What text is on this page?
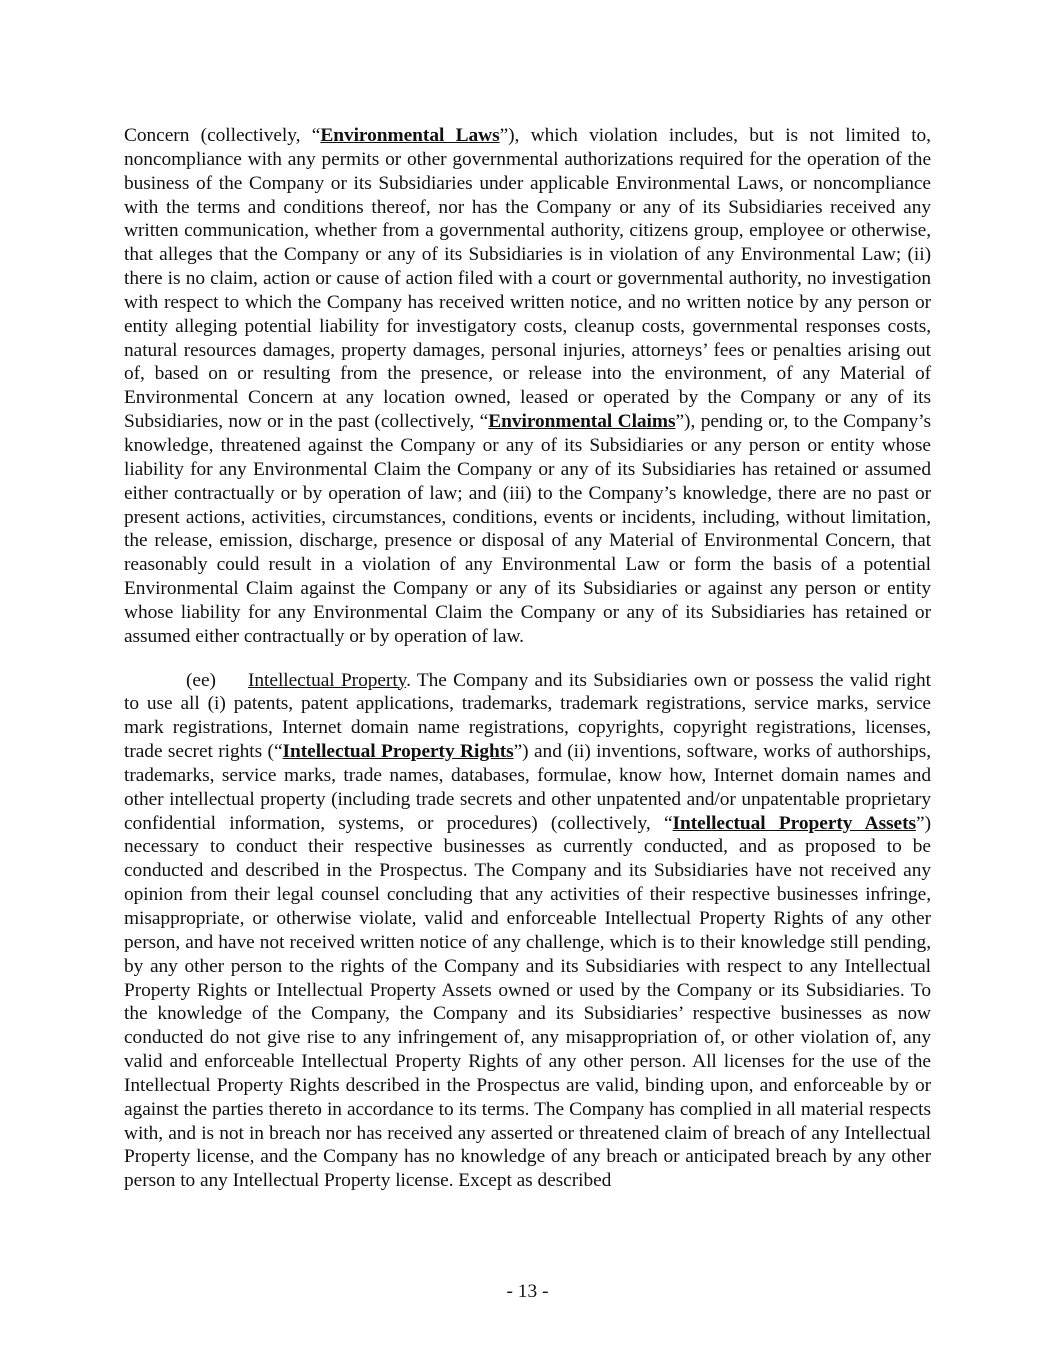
Concern (collectively, “Environmental Laws”), which violation includes, but is not limited to, noncompliance with any permits or other governmental authorizations required for the operation of the business of the Company or its Subsidiaries under applicable Environmental Laws, or noncompliance with the terms and conditions thereof, nor has the Company or any of its Subsidiaries received any written communication, whether from a governmental authority, citizens group, employee or otherwise, that alleges that the Company or any of its Subsidiaries is in violation of any Environmental Law; (ii) there is no claim, action or cause of action filed with a court or governmental authority, no investigation with respect to which the Company has received written notice, and no written notice by any person or entity alleging potential liability for investigatory costs, cleanup costs, governmental responses costs, natural resources damages, property damages, personal injuries, attorneys’ fees or penalties arising out of, based on or resulting from the presence, or release into the environment, of any Material of Environmental Concern at any location owned, leased or operated by the Company or any of its Subsidiaries, now or in the past (collectively, “Environmental Claims”), pending or, to the Company’s knowledge, threatened against the Company or any of its Subsidiaries or any person or entity whose liability for any Environmental Claim the Company or any of its Subsidiaries has retained or assumed either contractually or by operation of law; and (iii) to the Company’s knowledge, there are no past or present actions, activities, circumstances, conditions, events or incidents, including, without limitation, the release, emission, discharge, presence or disposal of any Material of Environmental Concern, that reasonably could result in a violation of any Environmental Law or form the basis of a potential Environmental Claim against the Company or any of its Subsidiaries or against any person or entity whose liability for any Environmental Claim the Company or any of its Subsidiaries has retained or assumed either contractually or by operation of law.

(ee) Intellectual Property. The Company and its Subsidiaries own or possess the valid right to use all (i) patents, patent applications, trademarks, trademark registrations, service marks, service mark registrations, Internet domain name registrations, copyrights, copyright registrations, licenses, trade secret rights (“Intellectual Property Rights”) and (ii) inventions, software, works of authorships, trademarks, service marks, trade names, databases, formulae, know how, Internet domain names and other intellectual property (including trade secrets and other unpatented and/or unpatentable proprietary confidential information, systems, or procedures) (collectively, “Intellectual Property Assets”) necessary to conduct their respective businesses as currently conducted, and as proposed to be conducted and described in the Prospectus. The Company and its Subsidiaries have not received any opinion from their legal counsel concluding that any activities of their respective businesses infringe, misappropriate, or otherwise violate, valid and enforceable Intellectual Property Rights of any other person, and have not received written notice of any challenge, which is to their knowledge still pending, by any other person to the rights of the Company and its Subsidiaries with respect to any Intellectual Property Rights or Intellectual Property Assets owned or used by the Company or its Subsidiaries. To the knowledge of the Company, the Company and its Subsidiaries’ respective businesses as now conducted do not give rise to any infringement of, any misappropriation of, or other violation of, any valid and enforceable Intellectual Property Rights of any other person. All licenses for the use of the Intellectual Property Rights described in the Prospectus are valid, binding upon, and enforceable by or against the parties thereto in accordance to its terms. The Company has complied in all material respects with, and is not in breach nor has received any asserted or threatened claim of breach of any Intellectual Property license, and the Company has no knowledge of any breach or anticipated breach by any other person to any Intellectual Property license. Except as described

- 13 -
